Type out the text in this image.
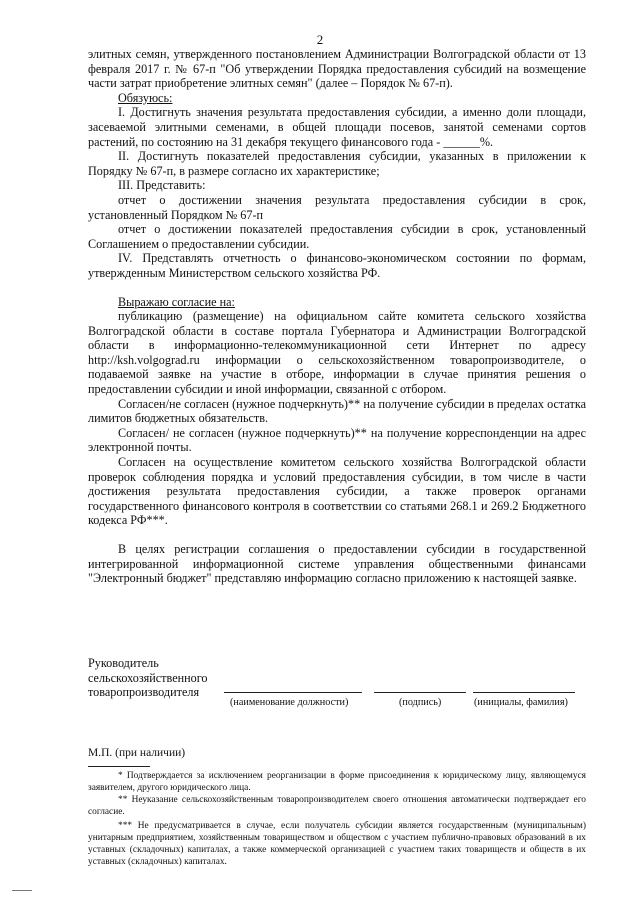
2

элитных семян, утвержденного постановлением Администрации Волгоградской области от 13 февраля 2017 г. № 67-п "Об утверждении Порядка предоставления субсидий на возмещение части затрат приобретение элитных семян" (далее – Порядок № 67-п).

Обязуюсь:

I. Достигнуть значения результата предоставления субсидии, а именно доли площади, засеваемой элитными семенами, в общей площади посевов, занятой семенами сортов растений, по состоянию на 31 декабря текущего финансового года - ______%.

II. Достигнуть показателей предоставления субсидии, указанных в приложении к Порядку № 67-п, в размере согласно их характеристике;

III. Представить:

отчет о достижении значения результата предоставления субсидии в срок, установленный Порядком № 67-п

отчет о достижении показателей предоставления субсидии в срок, установленный Соглашением о предоставлении субсидии.

IV. Представлять отчетность о финансово-экономическом состоянии по формам, утвержденным Министерством сельского хозяйства РФ.

Выражаю согласие на:

публикацию (размещение) на официальном сайте комитета сельского хозяйства Волгоградской области в составе портала Губернатора и Администрации Волгоградской области в информационно-телекоммуникационной сети Интернет по адресу http://ksh.volgograd.ru информации о сельскохозяйственном товаропроизводителе, о подаваемой заявке на участие в отборе, информации в случае принятия решения о предоставлении субсидии и иной информации, связанной с отбором.

Согласен/не согласен (нужное подчеркнуть)** на получение субсидии в пределах остатка лимитов бюджетных обязательств.

Согласен/ не согласен (нужное подчеркнуть)** на получение корреспонденции на адрес электронной почты.

Согласен на осуществление комитетом сельского хозяйства Волгоградской области проверок соблюдения порядка и условий предоставления субсидии, в том числе в части достижения результата предоставления субсидии, а также проверок органами государственного финансового контроля в соответствии со статьями 268.1 и 269.2 Бюджетного кодекса РФ***.

В целях регистрации соглашения о предоставлении субсидии в государственной интегрированной информационной системе управления общественными финансами "Электронный бюджет" представляю информацию согласно приложению к настоящей заявке.

Руководитель
сельскохозяйственного
товаропроизводителя
(наименование должности)	(подпись)	(инициалы, фамилия)
М.П. (при наличии)

* Подтверждается за исключением реорганизации в форме присоединения к юридическому лицу, являющемуся заявителем, другого юридического лица.

** Неуказание сельскохозяйственным товаропроизводителем своего отношения автоматически подтверждает его согласие.

*** Не предусматривается в случае, если получатель субсидии является государственным (муниципальным) унитарным предприятием, хозяйственным товариществом и обществом с участием публично-правовых образований в их уставных (складочных) капиталах, а также коммерческой организацией с участием таких товариществ и обществ в их уставных (складочных) капиталах.
